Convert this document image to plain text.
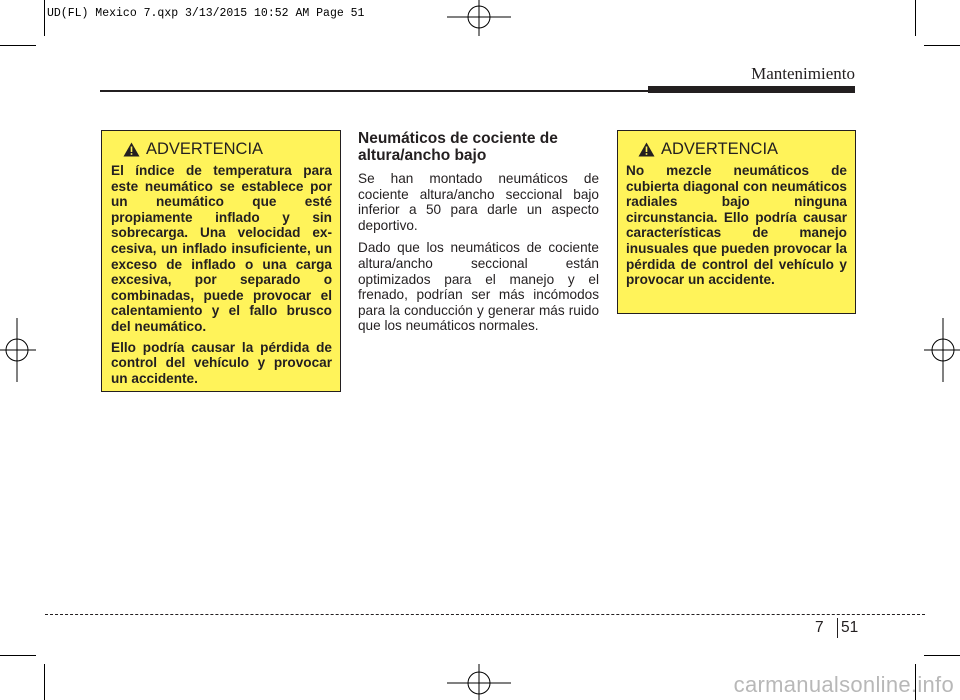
UD(FL) Mexico 7.qxp 3/13/2015 10:52 AM Page 51
Mantenimiento
ADVERTENCIA

El índice de temperatura para este neumático se establece por un neumático que esté propiamente inflado y sin sobrecarga. Una velocidad ex- cesiva, un inflado insuficiente, un exceso de inflado o una carga excesiva, por separado o combinadas, puede provocar el calentamiento y el fallo brusco del neumático.

Ello podría causar la pérdida de control del vehículo y provocar un accidente.

Neumáticos de cociente de altura/ancho bajo

Se han montado neumáticos de cociente altura/ancho seccional bajo inferior a 50 para darle un aspecto deportivo.

Dado que los neumáticos de cociente altura/ancho seccional están optimizados para el manejo y el frenado, podrían ser más incómodos para la conducción y generar más ruido que los neumáticos normales.

ADVERTENCIA

No mezcle neumáticos de cubierta diagonal con neumáticos radiales bajo ninguna circunstancia. Ello podría causar características de manejo inusuales que pueden provocar la pérdida de control del vehículo y provocar un accidente.

7 51
carmanualsonline.info
